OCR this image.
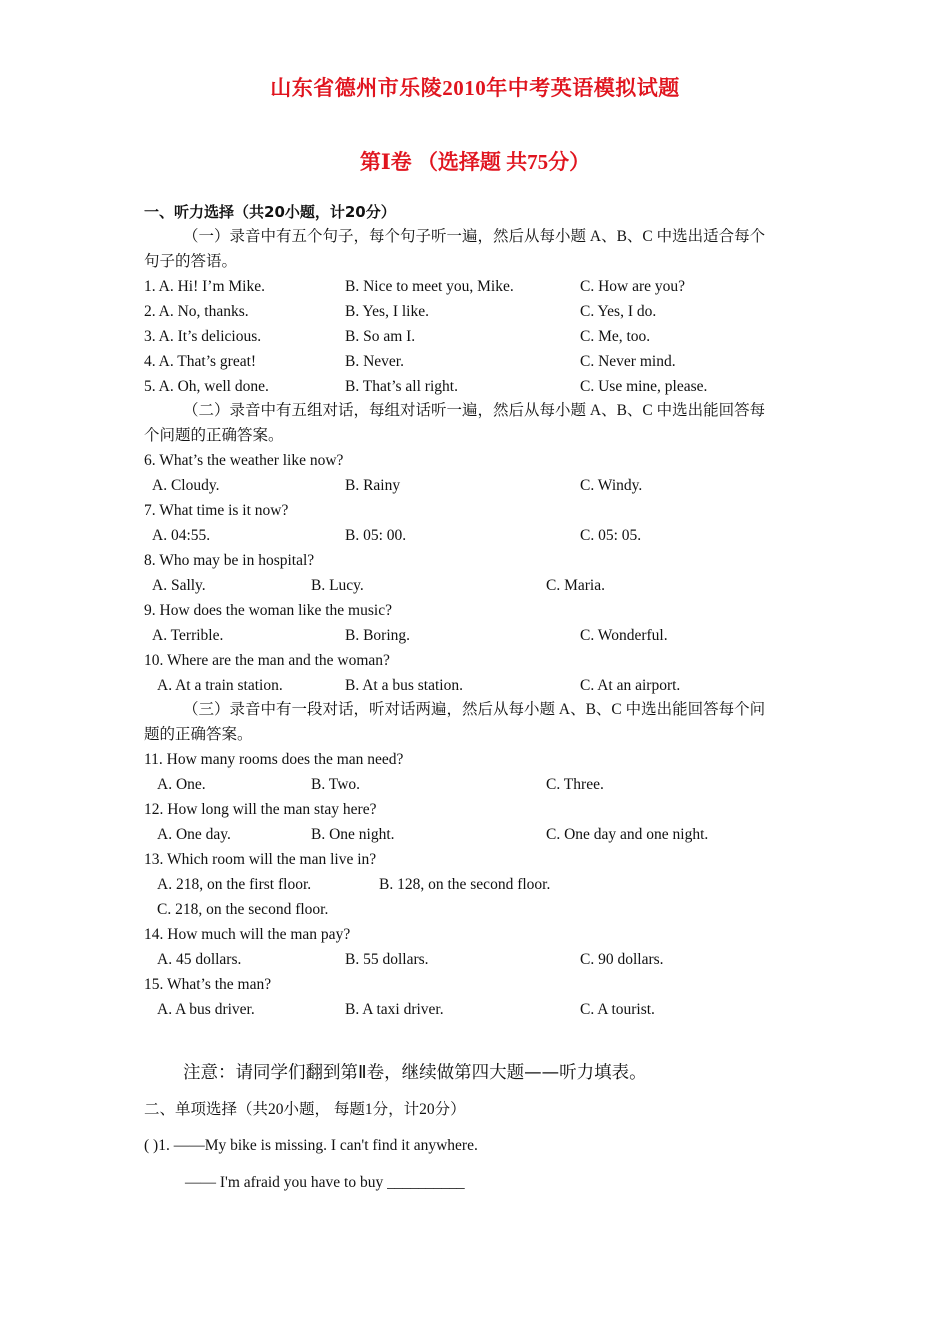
山东省德州市乐陵2010年中考英语模拟试题
第Ⅰ卷 （选择题 共75分）
一、听力选择（共20小题，计20分）
（一）录音中有五个句子，每个句子听一遍，然后从每小题 A、B、C 中选出适合每个
句子的答语。
1. A. Hi! I’m Mike.	B. Nice to meet you, Mike.	C. How are you?
2. A. No, thanks.	B. Yes, I like.	C. Yes, I do.
3. A. It’s delicious.	B. So am I.	C. Me, too.
4. A. That’s great!	B. Never.	C. Never mind.
5. A. Oh, well done.	B. That’s all right.	C. Use mine, please.
（二）录音中有五组对话，每组对话听一遍，然后从每小题 A、B、C 中选出能回答每
个问题的正确答案。
6. What’s the weather like now?
A. Cloudy.	B. Rainy	C. Windy.
7. What time is it now?
A. 04:55.	B. 05: 00.	C. 05: 05.
8. Who may be in hospital?
A. Sally.	B. Lucy.	C. Maria.
9. How does the woman like the music?
A. Terrible.	B. Boring.	C. Wonderful.
10. Where are the man and the woman?
A. At a train station.	B. At a bus station.	C. At an airport.
（三）录音中有一段对话，听对话两遍，然后从每小题 A、B、C 中选出能回答每个问
题的正确答案。
11. How many rooms does the man need?
A. One.	B. Two.	C. Three.
12. How long will the man stay here?
A. One day.	B. One night.	C. One day and one night.
13. Which room will the man live in?
A. 218, on the first floor.	B. 128, on the second floor.
C. 218, on the second floor.
14. How much will the man pay?
A. 45 dollars.	B. 55 dollars.	C. 90 dollars.
15. What’s the man?
A. A bus driver.	B. A taxi driver.	C. A tourist.
注意：请同学们翻到第Ⅱ卷，继续做第四大题——听力填表。
二、单项选择（共20小题， 每题1分，计20分）
( )1. ——My bike is missing. I can't find it anywhere.
—— I'm afraid you have to buy __________
